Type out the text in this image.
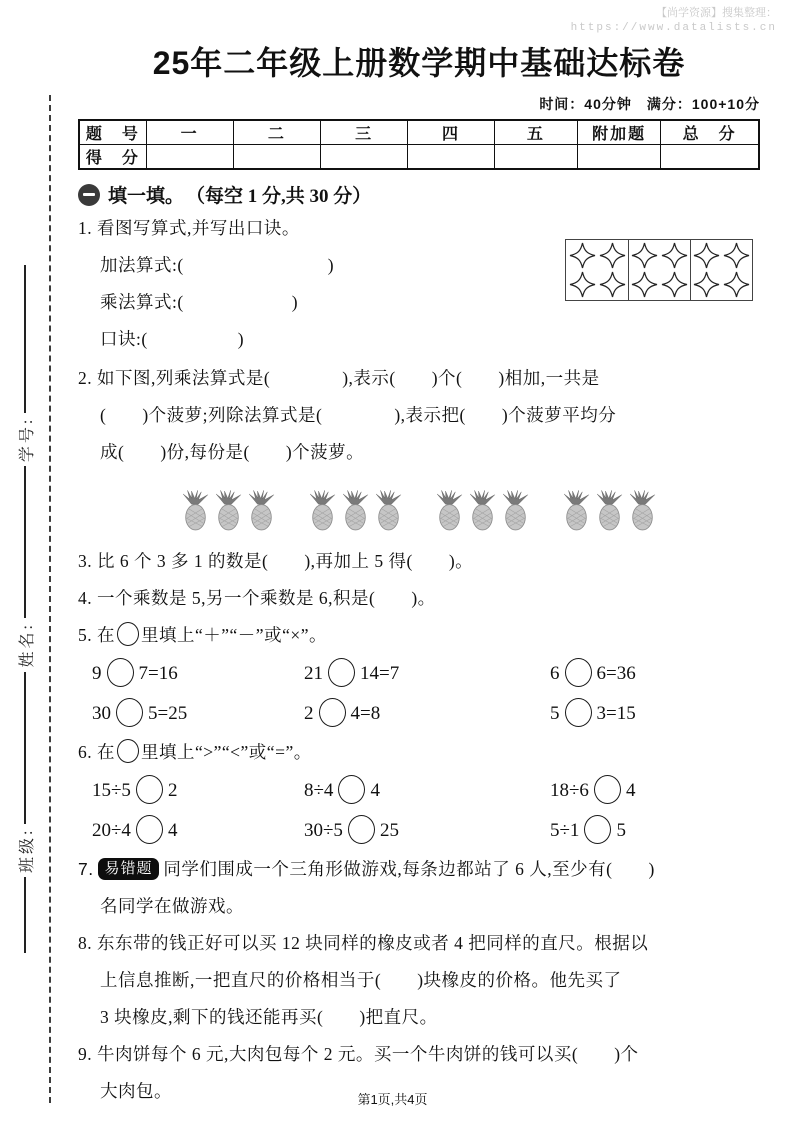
【尚学资源】搜集整理：
https://www.datalists.cn
班级:
姓名:
学号:
25年二年级上册数学期中基础达标卷
时间：40分钟　满分：100+10分
题　号	一	二	三	四	五	附加题	总　分
得　分							
填一填。 （每空 1 分,共 30 分）
1. 看图写算式,并写出口诀。
加法算式:(　　　　　　　　)
乘法算式:(　　　　　　)
口诀:(　　　　　)
2. 如下图,列乘法算式是(　　　　),表示(　　)个(　　)相加,一共是
(　　)个菠萝;列除法算式是(　　　　),表示把(　　)个菠萝平均分
成(　　)份,每份是(　　)个菠萝。
3. 比 6 个 3 多 1 的数是(　　),再加上 5 得(　　)。
4. 一个乘数是 5,另一个乘数是 6,积是(　　)。
5. 在 里填上“＋”“－”或“×”。
9 7=16	21 14=7	6 6=36
30 5=25	2 4=8	5 3=15
6. 在 里填上“>”“<”或“=”。
15÷5 2	8÷4 4	18÷6 4
20÷4 4	30÷5 25	5÷1 5
7. 易错题 同学们围成一个三角形做游戏,每条边都站了 6 人,至少有(　　)
名同学在做游戏。
8. 东东带的钱正好可以买 12 块同样的橡皮或者 4 把同样的直尺。根据以
上信息推断,一把直尺的价格相当于(　　)块橡皮的价格。他先买了
3 块橡皮,剩下的钱还能再买(　　)把直尺。
9. 牛肉饼每个 6 元,大肉包每个 2 元。买一个牛肉饼的钱可以买(　　)个
大肉包。	第1页,共4页
